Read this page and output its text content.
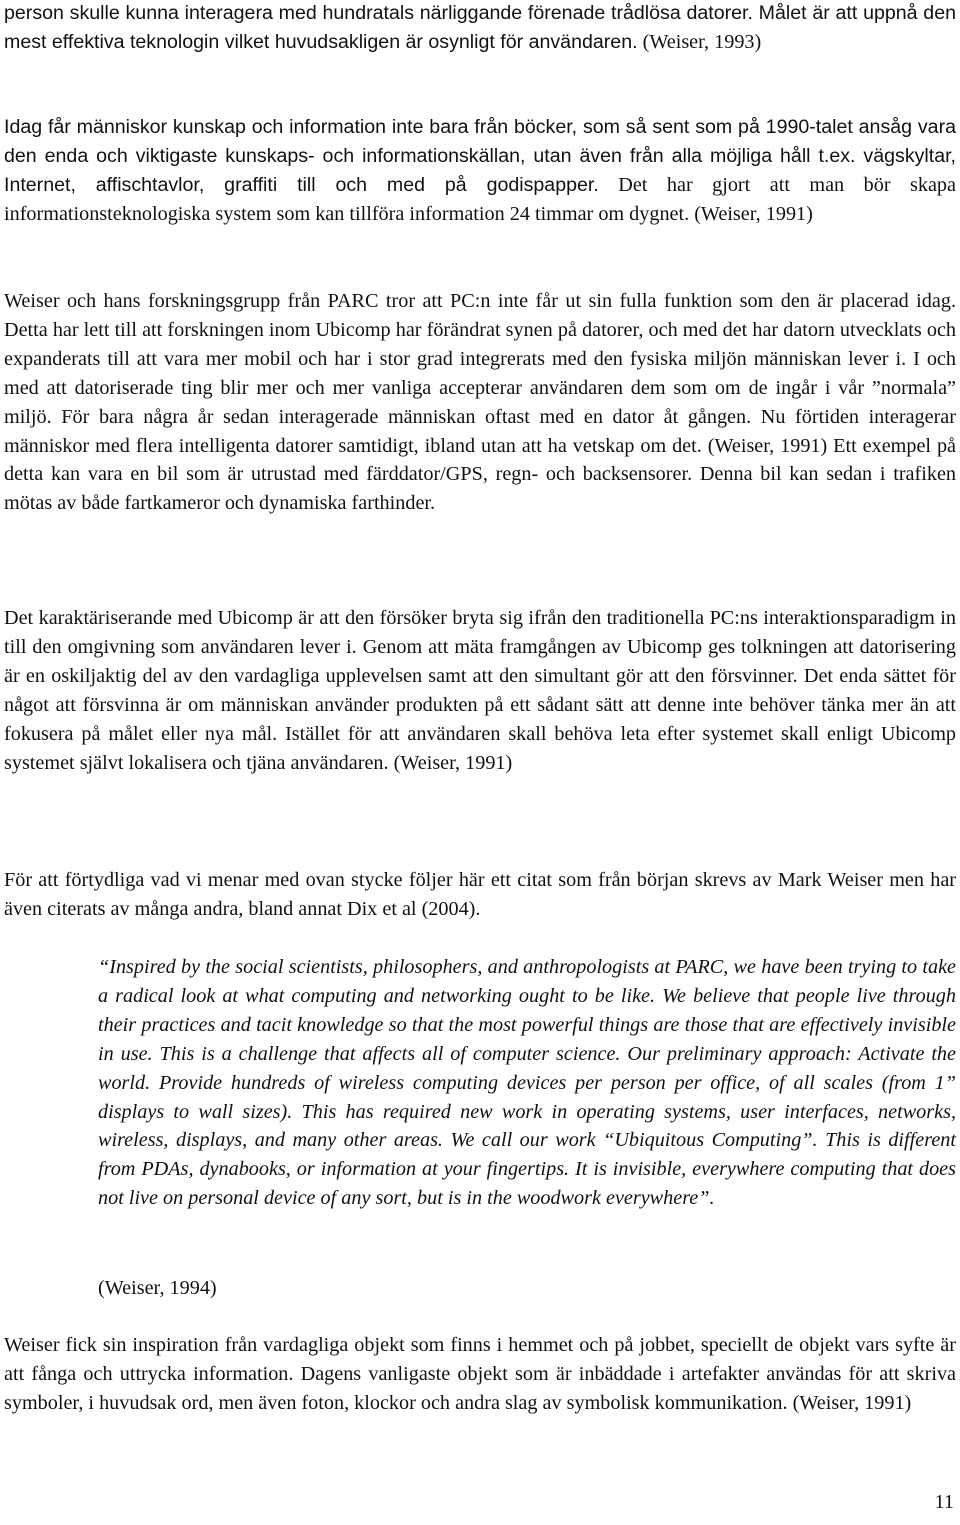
person skulle kunna interagera med hundratals närliggande förenade trådlösa datorer. Målet är att uppnå den mest effektiva teknologin vilket huvudsakligen är osynligt för användaren. (Weiser, 1993)

Idag får människor kunskap och information inte bara från böcker, som så sent som på 1990-talet ansåg vara den enda och viktigaste kunskaps- och informationskällan, utan även från alla möjliga håll t.ex. vägskyltar, Internet, affischtavlor, graffiti till och med på godispapper. Det har gjort att man bör skapa informationsteknologiska system som kan tillföra information 24 timmar om dygnet. (Weiser, 1991)

Weiser och hans forskningsgrupp från PARC tror att PC:n inte får ut sin fulla funktion som den är placerad idag. Detta har lett till att forskningen inom Ubicomp har förändrat synen på datorer, och med det har datorn utvecklats och expanderats till att vara mer mobil och har i stor grad integrerats med den fysiska miljön människan lever i. I och med att datoriserade ting blir mer och mer vanliga accepterar användaren dem som om de ingår i vår ”normala” miljö. För bara några år sedan interagerade människan oftast med en dator åt gången. Nu förtiden interagerar människor med flera intelligenta datorer samtidigt, ibland utan att ha vetskap om det. (Weiser, 1991) Ett exempel på detta kan vara en bil som är utrustad med färddator/GPS, regn- och backsensorer. Denna bil kan sedan i trafiken mötas av både fartkameror och dynamiska farthinder.

Det karaktäriserande med Ubicomp är att den försöker bryta sig ifrån den traditionella PC:ns interaktionsparadigm in till den omgivning som användaren lever i. Genom att mäta framgången av Ubicomp ges tolkningen att datorisering är en oskiljaktig del av den vardagliga upplevelsen samt att den simultant gör att den försvinner. Det enda sättet för något att försvinna är om människan använder produkten på ett sådant sätt att denne inte behöver tänka mer än att fokusera på målet eller nya mål. Istället för att användaren skall behöva leta efter systemet skall enligt Ubicomp systemet självt lokalisera och tjäna användaren. (Weiser, 1991)

För att förtydliga vad vi menar med ovan stycke följer här ett citat som från början skrevs av Mark Weiser men har även citerats av många andra, bland annat Dix et al (2004).

“Inspired by the social scientists, philosophers, and anthropologists at PARC, we have been trying to take a radical look at what computing and networking ought to be like. We believe that people live through their practices and tacit knowledge so that the most powerful things are those that are effectively invisible in use. This is a challenge that affects all of computer science. Our preliminary approach: Activate the world. Provide hundreds of wireless computing devices per person per office, of all scales (from 1” displays to wall sizes). This has required new work in operating systems, user interfaces, networks, wireless, displays, and many other areas. We call our work “Ubiquitous Computing”. This is different from PDAs, dynabooks, or information at your fingertips. It is invisible, everywhere computing that does not live on personal device of any sort, but is in the woodwork everywhere”.

(Weiser, 1994)

Weiser fick sin inspiration från vardagliga objekt som finns i hemmet och på jobbet, speciellt de objekt vars syfte är att fånga och uttrycka information. Dagens vanligaste objekt som är inbäddade i artefakter användas för att skriva symboler, i huvudsak ord, men även foton, klockor och andra slag av symbolisk kommunikation. (Weiser, 1991)

11
